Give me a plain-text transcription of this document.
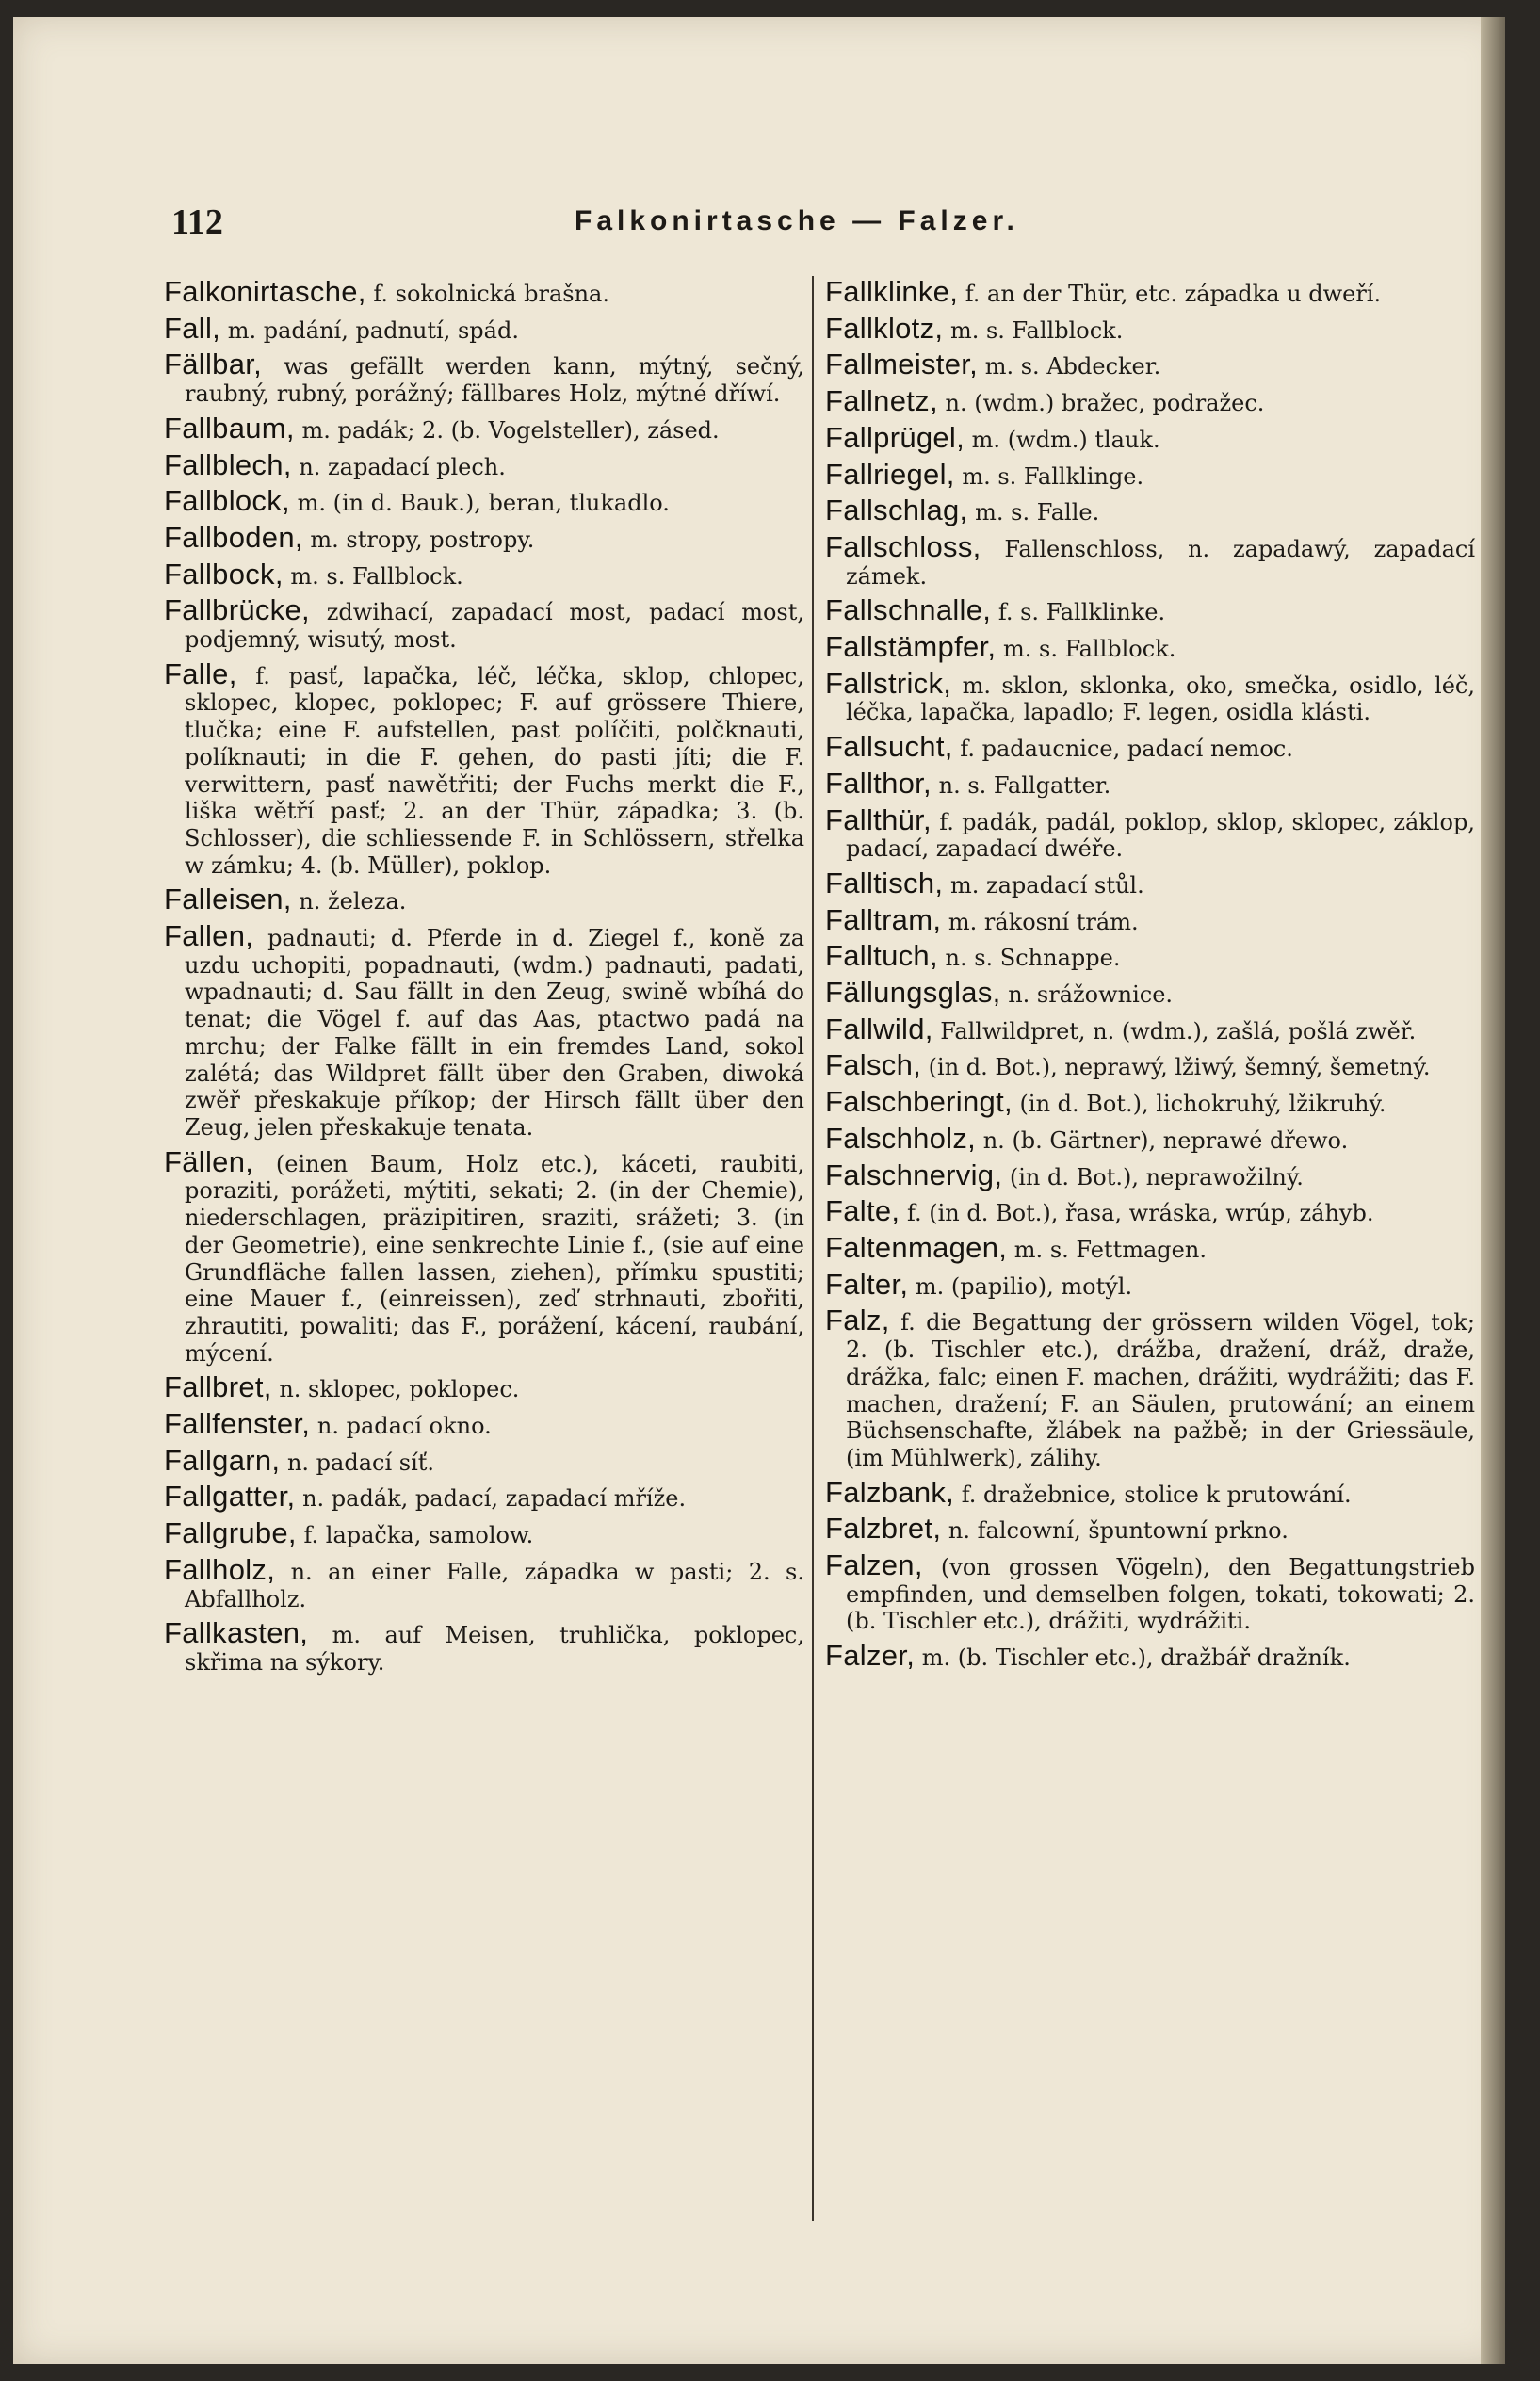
112	Falkonirtasche — Falzer.
Falkonirtasche, f. sokolnická brašna.
Fall, m. padání, padnutí, spád.
Fällbar, was gefällt werden kann, mýtný, sečný, raubný, rubný, porážný; fällbares Holz, mýtné dříwí.
Fallbaum, m. padák; 2. (b. Vogelsteller), zásed.
Fallblech, n. zapadací plech.
Fallblock, m. (in d. Bauk.), beran, tlukadlo.
Fallboden, m. stropy, postropy.
Fallbock, m. s. Fallblock.
Fallbrücke, zdwihací, zapadací most, padací most, podjemný, wisutý, most.
Falle, f. pasť, lapačka, léč, léčka, sklop, chlopec, sklopec, klopec, poklopec; F. auf grössere Thiere, tlučka; eine F. aufstellen, past políčiti, polčknauti, políknauti; in die F. gehen, do pasti jíti; die F. verwittern, pasť nawětřiti; der Fuchs merkt die F., liška wětří pasť; 2. an der Thür, západka; 3. (b. Schlosser), die schliessende F. in Schlössern, střelka w zámku; 4. (b. Müller), poklop.
Falleisen, n. železa.
Fallen, padnauti; d. Pferde in d. Ziegel f., koně za uzdu uchopiti, popadnauti, (wdm.) padnauti, padati, wpadnauti; d. Sau fällt in den Zeug, swině wbíhá do tenat; die Vögel f. auf das Aas, ptactwo padá na mrchu; der Falke fällt in ein fremdes Land, sokol zalétá; das Wildpret fällt über den Graben, diwoká zwěř přeskakuje příkop; der Hirsch fällt über den Zeug, jelen přeskakuje tenata.
Fällen, (einen Baum, Holz etc.), káceti, raubiti, poraziti, porážeti, mýtiti, sekati; 2. (in der Chemie), niederschlagen, präzipitiren, sraziti, srážeti; 3. (in der Geometrie), eine senkrechte Linie f., (sie auf eine Grundfläche fallen lassen, ziehen), přímku spustiti; eine Mauer f., (einreissen), zeď strhnauti, zbořiti, zhrautiti, powaliti; das F., porážení, kácení, raubání, mýcení.
Fallbret, n. sklopec, poklopec.
Fallfenster, n. padací okno.
Fallgarn, n. padací síť.
Fallgatter, n. padák, padací, zapadací mříže.
Fallgrube, f. lapačka, samolow.
Fallholz, n. an einer Falle, západka w pasti; 2. s. Abfallholz.
Fallkasten, m. auf Meisen, truhlička, poklopec, skřima na sýkory.
Fallklinke, f. an der Thür, etc. západka u dweří.
Fallklotz, m. s. Fallblock.
Fallmeister, m. s. Abdecker.
Fallnetz, n. (wdm.) bražec, podražec.
Fallprügel, m. (wdm.) tlauk.
Fallriegel, m. s. Fallklinge.
Fallschlag, m. s. Falle.
Fallschloss, Fallenschloss, n. zapadawý, zapadací zámek.
Fallschnalle, f. s. Fallklinke.
Fallstämpfer, m. s. Fallblock.
Fallstrick, m. sklon, sklonka, oko, smečka, osidlo, léč, léčka, lapačka, lapadlo; F. legen, osidla klásti.
Fallsucht, f. padaucnice, padací nemoc.
Fallthor, n. s. Fallgatter.
Fallthür, f. padák, padál, poklop, sklop, sklopec, záklop, padací, zapadací dwéře.
Falltisch, m. zapadací stůl.
Falltram, m. rákosní trám.
Falltuch, n. s. Schnappe.
Fällungsglas, n. srážownice.
Fallwild, Fallwildpret, n. (wdm.), zašlá, pošlá zwěř.
Falsch, (in d. Bot.), neprawý, lžiwý, šemný, šemetný.
Falschberingt, (in d. Bot.), lichokruhý, lžikruhý.
Falschholz, n. (b. Gärtner), neprawé dřewo.
Falschnervig, (in d. Bot.), neprawožilný.
Falte, f. (in d. Bot.), řasa, wráska, wrúp, záhyb.
Faltenmagen, m. s. Fettmagen.
Falter, m. (papilio), motýl.
Falz, f. die Begattung der grössern wilden Vögel, tok; 2. (b. Tischler etc.), drážba, dražení, dráž, draže, drážka, falc; einen F. machen, drážiti, wydrážiti; das F. machen, dražení; F. an Säulen, prutowání; an einem Büchsenschafte, žlábek na pažbě; in der Griessäule, (im Mühlwerk), zálihy.
Falzbank, f. dražebnice, stolice k prutowání.
Falzbret, n. falcowní, špuntowní prkno.
Falzen, (von grossen Vögeln), den Begattungstrieb empfinden, und demselben folgen, tokati, tokowati; 2. (b. Tischler etc.), drážiti, wydrážiti.
Falzer, m. (b. Tischler etc.), dražbář dražník.
